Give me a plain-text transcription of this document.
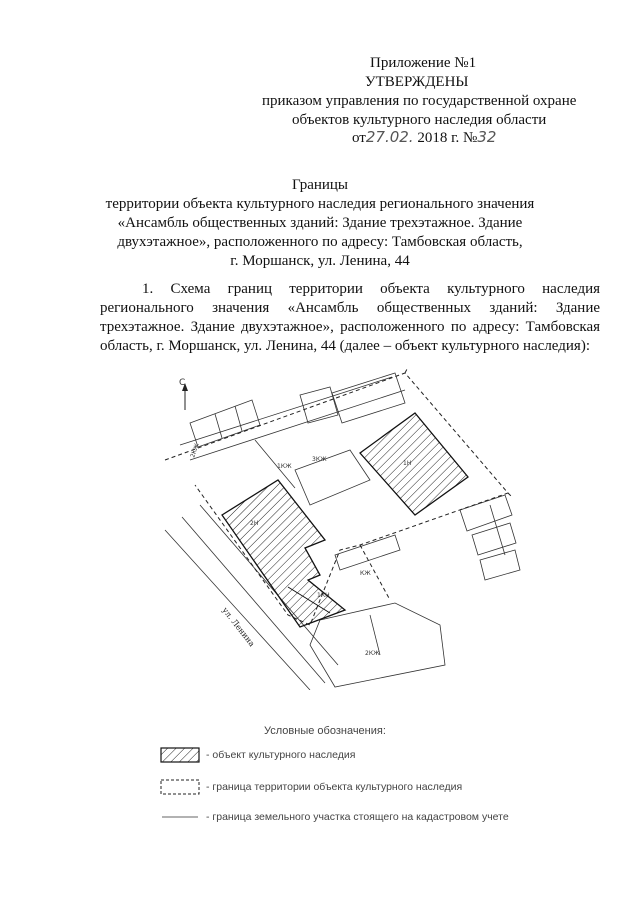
Приложение №1
УТВЕРЖДЕНЫ
приказом управления по государственной охране
объектов культурного наследия области
от27.02. 2018 г. №32
Границы
территории объекта культурного наследия регионального значения
«Ансамбль общественных зданий: Здание трехэтажное. Здание
двухэтажное», расположенного по адресу: Тамбовская область,
г. Моршанск, ул. Ленина, 44
1. Схема границ территории объекта культурного наследия регионального значения «Ансамбль общественных зданий: Здание трехэтажное. Здание двухэтажное», расположенного по адресу: Тамбовская область, г. Моршанск, ул. Ленина, 44 (далее – объект культурного наследия):
С
ул. Ленина
2КЖ
1КЖ
3КЖ
КЖ
1Н
2Н
1КН
2КЖ
Условные обозначения:
- объект культурного наследия
- граница территории объекта культурного наследия
- граница земельного участка стоящего на кадастровом учете
